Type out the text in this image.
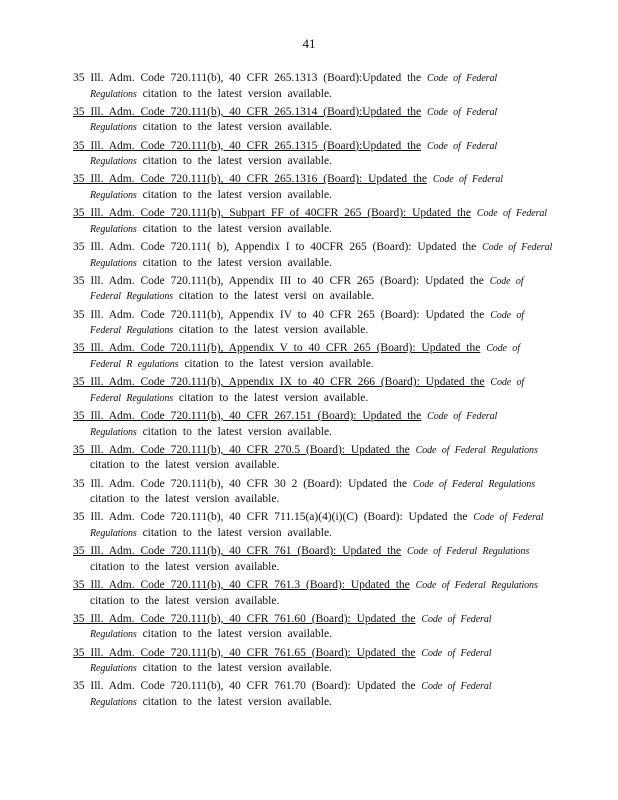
41
35 Ill. Adm. Code 720.111(b), 40 CFR 265.1313 (Board):Updated the Code of Federal
Regulations citation to the latest version available.
35 Ill. Adm. Code 720.111(b), 40 CFR 265.1314 (Board):Updated the Code of Federal
Regulations citation to the latest version available.
35 Ill. Adm. Code 720.111(b), 40 CFR 265.1315 (Board):Updated the Code of Federal
Regulations citation to the latest version available.
35 Ill. Adm. Code 720.111(b), 40 CFR 265.1316 (Board): Updated the Code of Federal
Regulations citation to the latest version available.
35 Ill. Adm. Code 720.111(b), Subpart FF of 40CFR 265 (Board): Updated the Code of Federal
Regulations citation to the latest version available.
35 Ill. Adm. Code 720.111( b), Appendix I to 40CFR 265 (Board): Updated the Code of Federal
Regulations citation to the latest version available.
35 Ill. Adm. Code 720.111(b), Appendix III to 40 CFR 265 (Board): Updated the Code of
Federal Regulations citation to the latest versi on available.
35 Ill. Adm. Code 720.111(b), Appendix IV to 40 CFR 265 (Board): Updated the Code of
Federal Regulations citation to the latest version available.
35 Ill. Adm. Code 720.111(b), Appendix V to 40 CFR 265 (Board): Updated the Code of
Federal R egulations citation to the latest version available.
35 Ill. Adm. Code 720.111(b), Appendix IX to 40 CFR 266 (Board): Updated the Code of
Federal Regulations citation to the latest version available.
35 Ill. Adm. Code 720.111(b), 40 CFR 267.151 (Board): Updated the Code of Federal
Regulations citation to the latest version available.
35 Ill. Adm. Code 720.111(b), 40 CFR 270.5 (Board): Updated the Code of Federal Regulations
citation to the latest version available.
35 Ill. Adm. Code 720.111(b), 40 CFR 30 2 (Board): Updated the Code of Federal Regulations
citation to the latest version available.
35 Ill. Adm. Code 720.111(b), 40 CFR 711.15(a)(4)(i)(C) (Board): Updated the Code of Federal
Regulations citation to the latest version available.
35 Ill. Adm. Code 720.111(b), 40 CFR 761 (Board): Updated the Code of Federal Regulations
citation to the latest version available.
35 Ill. Adm. Code 720.111(b), 40 CFR 761.3 (Board): Updated the Code of Federal Regulations
citation to the latest version available.
35 Ill. Adm. Code 720.111(b), 40 CFR 761.60 (Board): Updated the Code of Federal
Regulations citation to the latest version available.
35 Ill. Adm. Code 720.111(b), 40 CFR 761.65 (Board): Updated the Code of Federal
Regulations citation to the latest version available.
35 Ill. Adm. Code 720.111(b), 40 CFR 761.70 (Board): Updated the Code of Federal
Regulations citation to the latest version available.
